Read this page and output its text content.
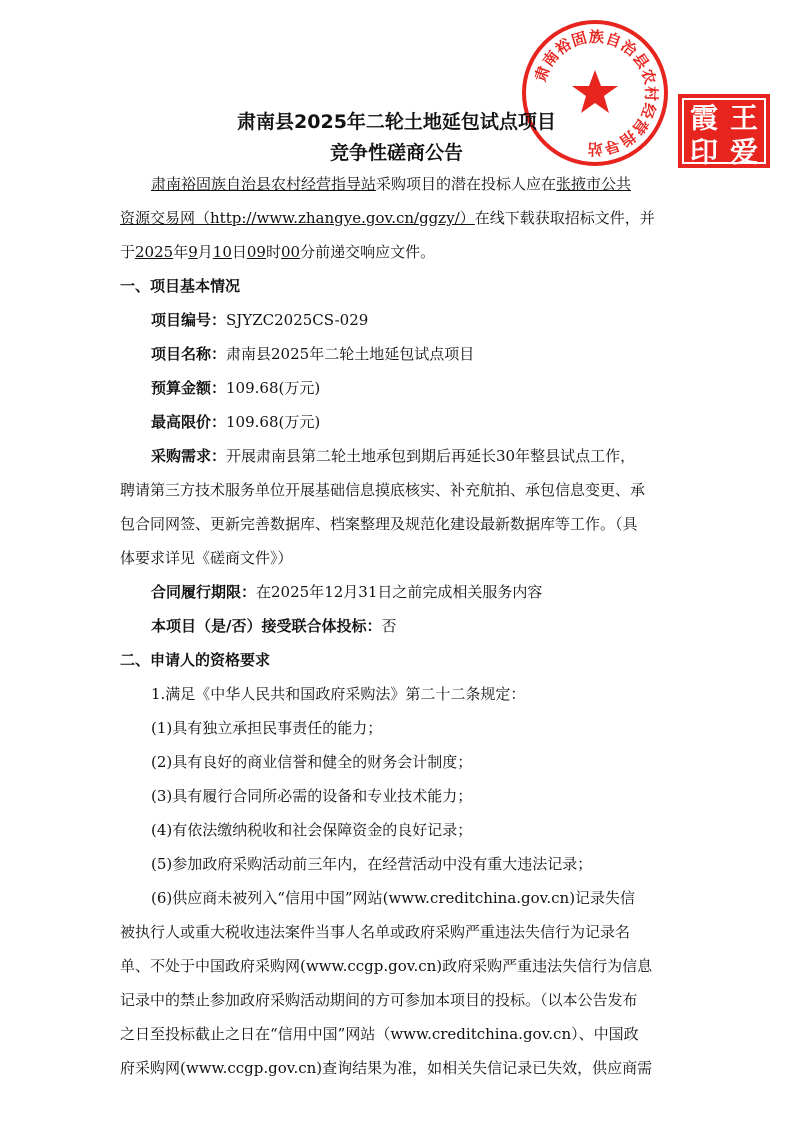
肃
南
裕
固 族 自
治
县
农
村
经
营
指
导
站
王
爱
霞
印
肃南县2025年二轮土地延包试点项目
竞争性磋商公告
肃南裕固族自治县农村经营指导站采购项目的潜在投标人应在张掖市公共
资源交易网（http://www.zhangye.gov.cn/ggzy/）在线下载获取招标文件，并
于2025年9月10日09时00分前递交响应文件。
一、项目基本情况
项目编号：SJYZC2025CS-029
项目名称：肃南县2025年二轮土地延包试点项目
预算金额：109.68(万元)
最高限价：109.68(万元)
采购需求：开展肃南县第二轮土地承包到期后再延长30年整县试点工作，
聘请第三方技术服务单位开展基础信息摸底核实、补充航拍、承包信息变更、承
包合同网签、更新完善数据库、档案整理及规范化建设最新数据库等工作。（具
体要求详见《磋商文件》）
合同履行期限：在2025年12月31日之前完成相关服务内容
本项目（是/否）接受联合体投标：否
二、申请人的资格要求
1.满足《中华人民共和国政府采购法》第二十二条规定：
(1)具有独立承担民事责任的能力；
(2)具有良好的商业信誉和健全的财务会计制度；
(3)具有履行合同所必需的设备和专业技术能力；
(4)有依法缴纳税收和社会保障资金的良好记录；
(5)参加政府采购活动前三年内，在经营活动中没有重大违法记录；
(6)供应商未被列入“信用中国”网站(www.creditchina.gov.cn)记录失信
被执行人或重大税收违法案件当事人名单或政府采购严重违法失信行为记录名
单、不处于中国政府采购网(www.ccgp.gov.cn)政府采购严重违法失信行为信息
记录中的禁止参加政府采购活动期间的方可参加本项目的投标。（以本公告发布
之日至投标截止之日在“信用中国”网站（www.creditchina.gov.cn）、中国政
府采购网(www.ccgp.gov.cn)查询结果为准，如相关失信记录已失效，供应商需
